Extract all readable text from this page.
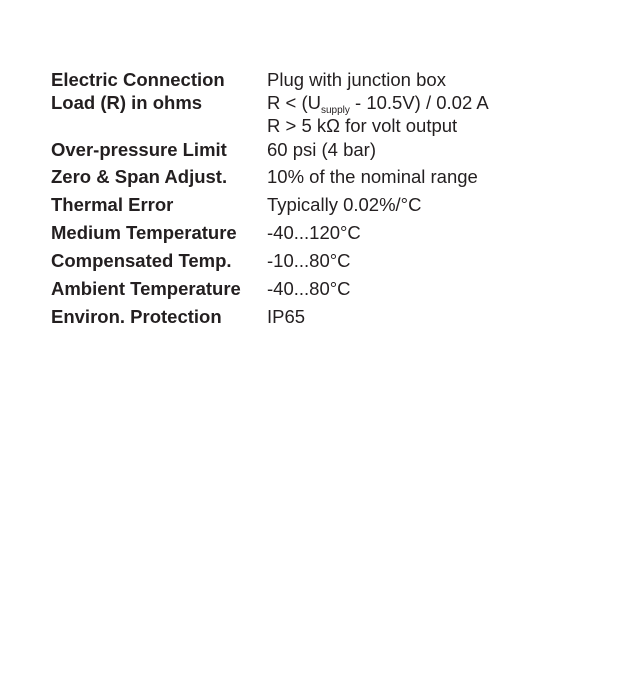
Electric Connection	Plug with junction box
Load (R) in ohms	$R < (U_{supply} - 10.5V) / 0.02$ A
R > 5 kΩ for volt output
Over-pressure Limit	60 psi (4 bar)
Zero & Span Adjust.	10% of the nominal range
Thermal Error	Typically 0.02%/°C
Medium Temperature	-40...120°C
Compensated Temp.	-10...80°C
Ambient Temperature	-40...80°C
Environ. Protection	IP65
